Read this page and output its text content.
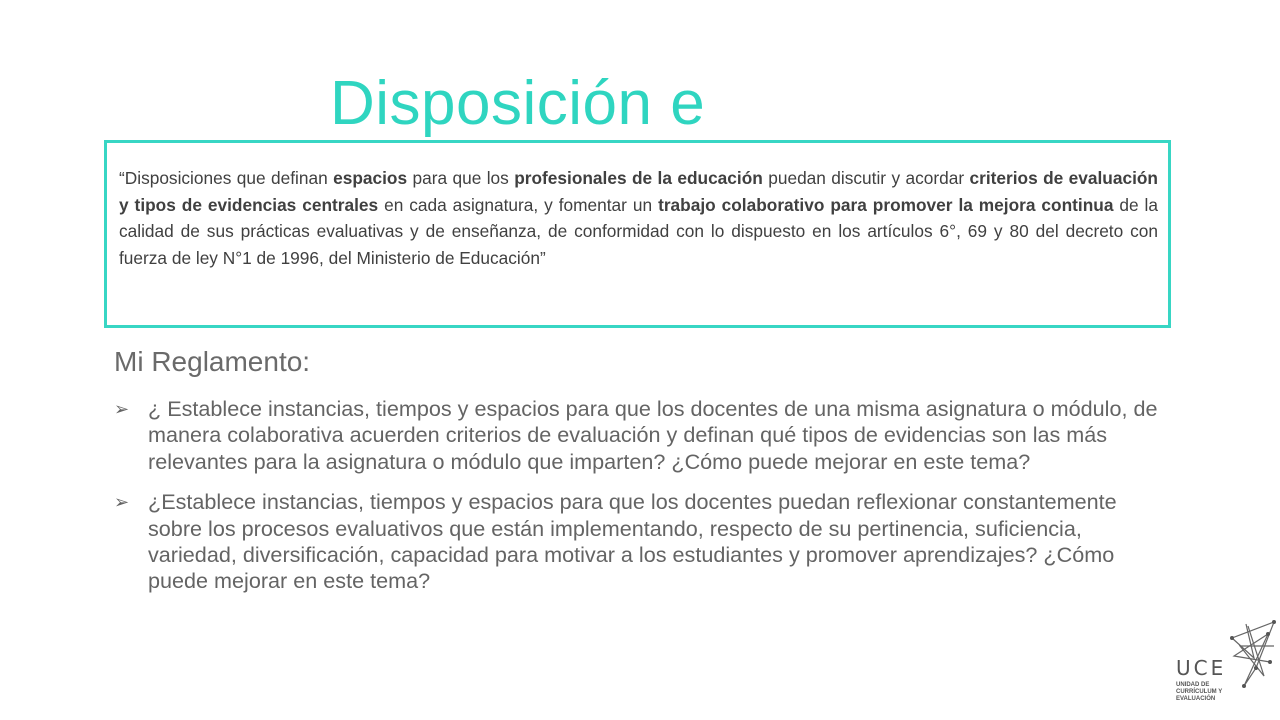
Disposición e

“Disposiciones que definan espacios para que los profesionales de la educación puedan discutir y acordar criterios de evaluación y tipos de evidencias centrales en cada asignatura, y fomentar un trabajo colaborativo para promover la mejora continua de la calidad de sus prácticas evaluativas y de enseñanza, de conformidad con lo dispuesto en los artículos 6°, 69 y 80 del decreto con fuerza de ley N°1 de 1996, del Ministerio de Educación”

Mi Reglamento:
➢ ¿ Establece instancias, tiempos y espacios para que los docentes de una misma asignatura o módulo, de manera colaborativa acuerden criterios de evaluación y definan qué tipos de evidencias son las más relevantes para la asignatura o módulo que imparten? ¿Cómo puede mejorar en este tema?
➢ ¿Establece instancias, tiempos y espacios para que los docentes puedan reflexionar constantemente sobre los procesos evaluativos que están implementando, respecto de su pertinencia, suficiencia, variedad, diversificación, capacidad para motivar a los estudiantes y promover aprendizajes? ¿Cómo puede mejorar en este tema?
UCE
UNIDAD DE
CURRÍCULUM Y
EVALUACIÓN
